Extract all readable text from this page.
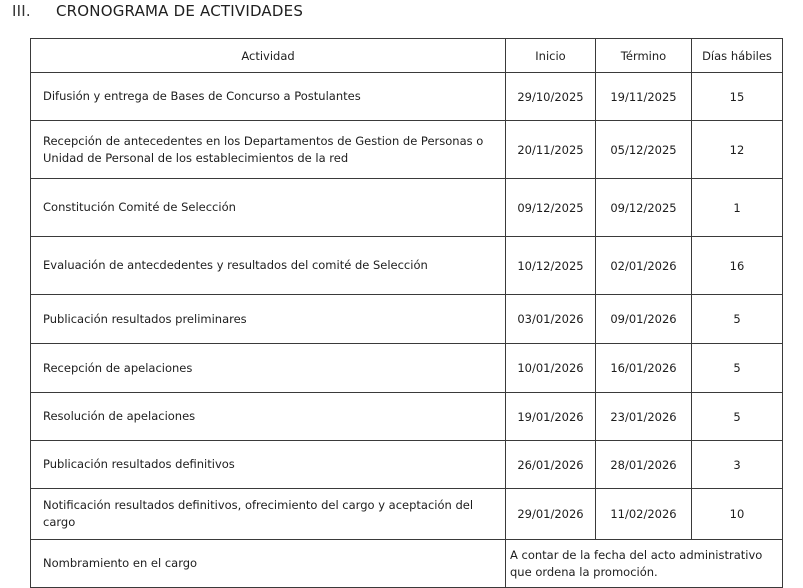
III. CRONOGRAMA DE ACTIVIDADES
Actividad	Inicio	Término	Días hábiles
Difusión y entrega de Bases de Concurso a Postulantes	29/10/2025	19/11/2025	15
Recepción de antecedentes en los Departamentos de Gestion de Personas o Unidad de Personal de los establecimientos de la red	20/11/2025	05/12/2025	12
Constitución Comité de Selección	09/12/2025	09/12/2025	1
Evaluación de antecdedentes y resultados del comité de Selección	10/12/2025	02/01/2026	16
Publicación resultados preliminares	03/01/2026	09/01/2026	5
Recepción de apelaciones	10/01/2026	16/01/2026	5
Resolución de apelaciones	19/01/2026	23/01/2026	5
Publicación resultados definitivos	26/01/2026	28/01/2026	3
Notificación resultados definitivos, ofrecimiento del cargo y aceptación del cargo	29/01/2026	11/02/2026	10
Nombramiento en el cargo	A contar de la fecha del acto administrativo que ordena la promoción.		
